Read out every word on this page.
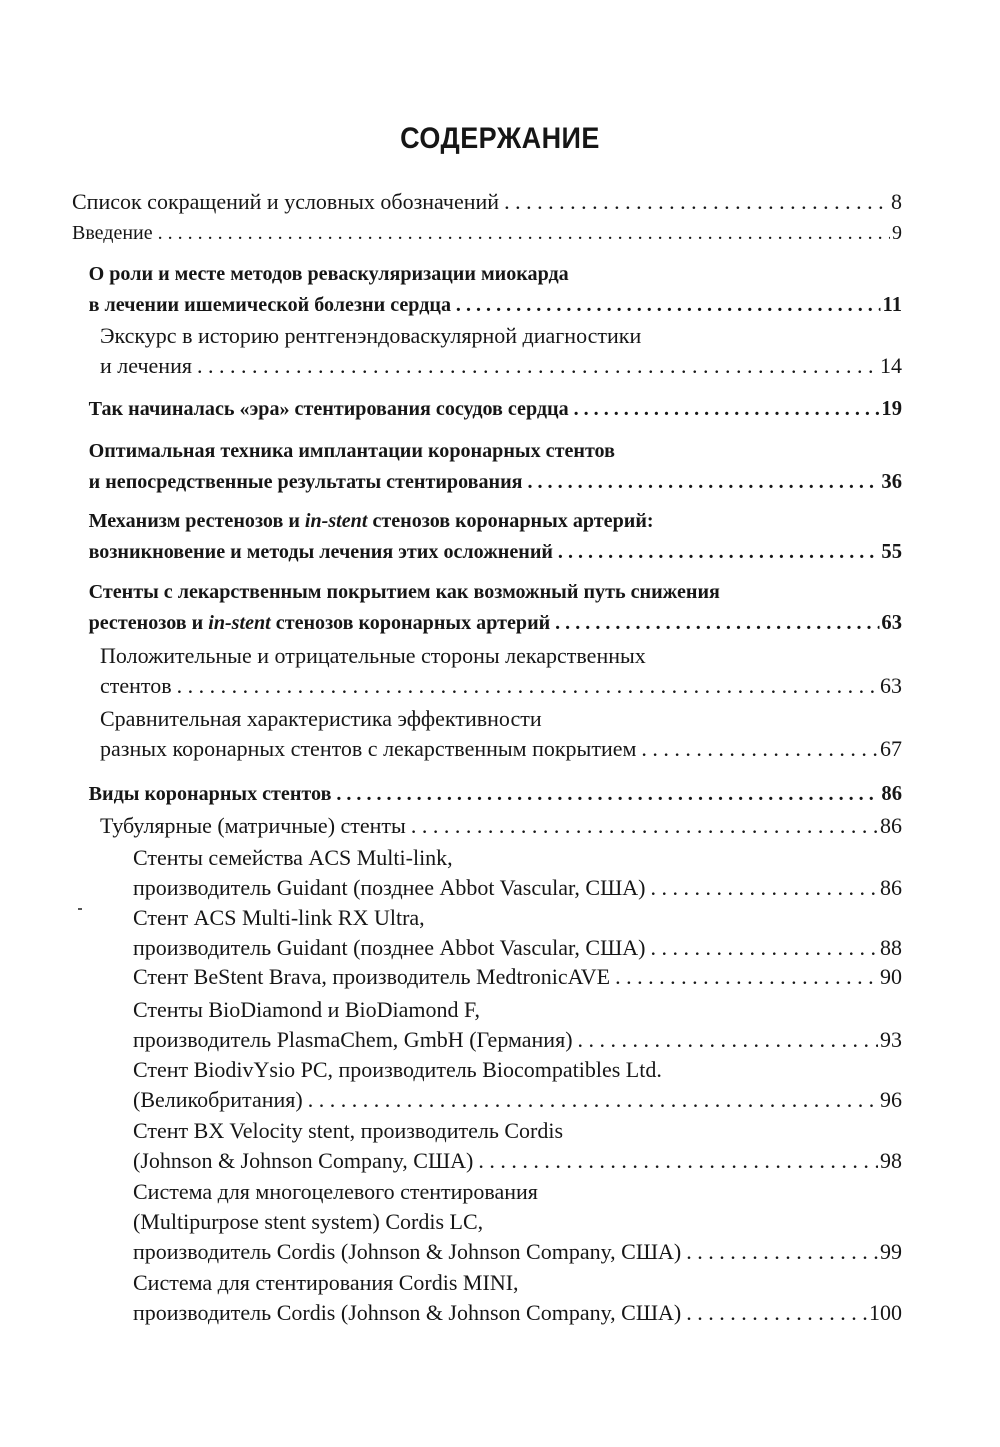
СОДЕРЖАНИЕ
Список сокращений и условных обозначений . . .	8
Введение . . .	9
О роли и месте методов реваскуляризации миокарда
в лечении ишемической болезни сердца . . .	11
Экскурс в историю рентгенэндоваскулярной диагностики
и лечения . . .	14
Так начиналась «эра» стентирования сосудов сердца . . .	19
Оптимальная техника имплантации коронарных стентов
и непосредственные результаты стентирования . . .	36
Механизм рестенозов и in-stent стенозов коронарных артерий:
возникновение и методы лечения этих осложнений . . .	55
Стенты с лекарственным покрытием как возможный путь снижения
рестенозов и in-stent стенозов коронарных артерий . . .	63
Положительные и отрицательные стороны лекарственных
стентов . . .	63
Сравнительная характеристика эффективности
разных коронарных стентов с лекарственным покрытием . . .	67
Виды коронарных стентов . . .	86
Тубулярные (матричные) стенты . . .	86
Стенты семейства ACS Multi-link,
производитель Guidant (позднее Abbot Vascular, США) . . .	86
Стент ACS Multi-link RX Ultra,
производитель Guidant (позднее Abbot Vascular, США) . . .	88
Стент BeStent Brava, производитель MedtronicAVE . . .	90
Стенты BioDiamond и BioDiamond F,
производитель PlasmaChem, GmbH (Германия) . . .	93
Стент BiodivYsio PC, производитель Biocompatibles Ltd.
(Великобритания) . . .	96
Стент BX Velocity stent, производитель Cordis
(Johnson & Johnson Company, США) . . .	98
Система для многоцелевого стентирования
(Multipurpose stent system) Cordis LC,
производитель Cordis (Johnson & Johnson Company, США) . . .	99
Система для стентирования Cordis MINI,
производитель Cordis (Johnson & Johnson Company, США) . . .	100
